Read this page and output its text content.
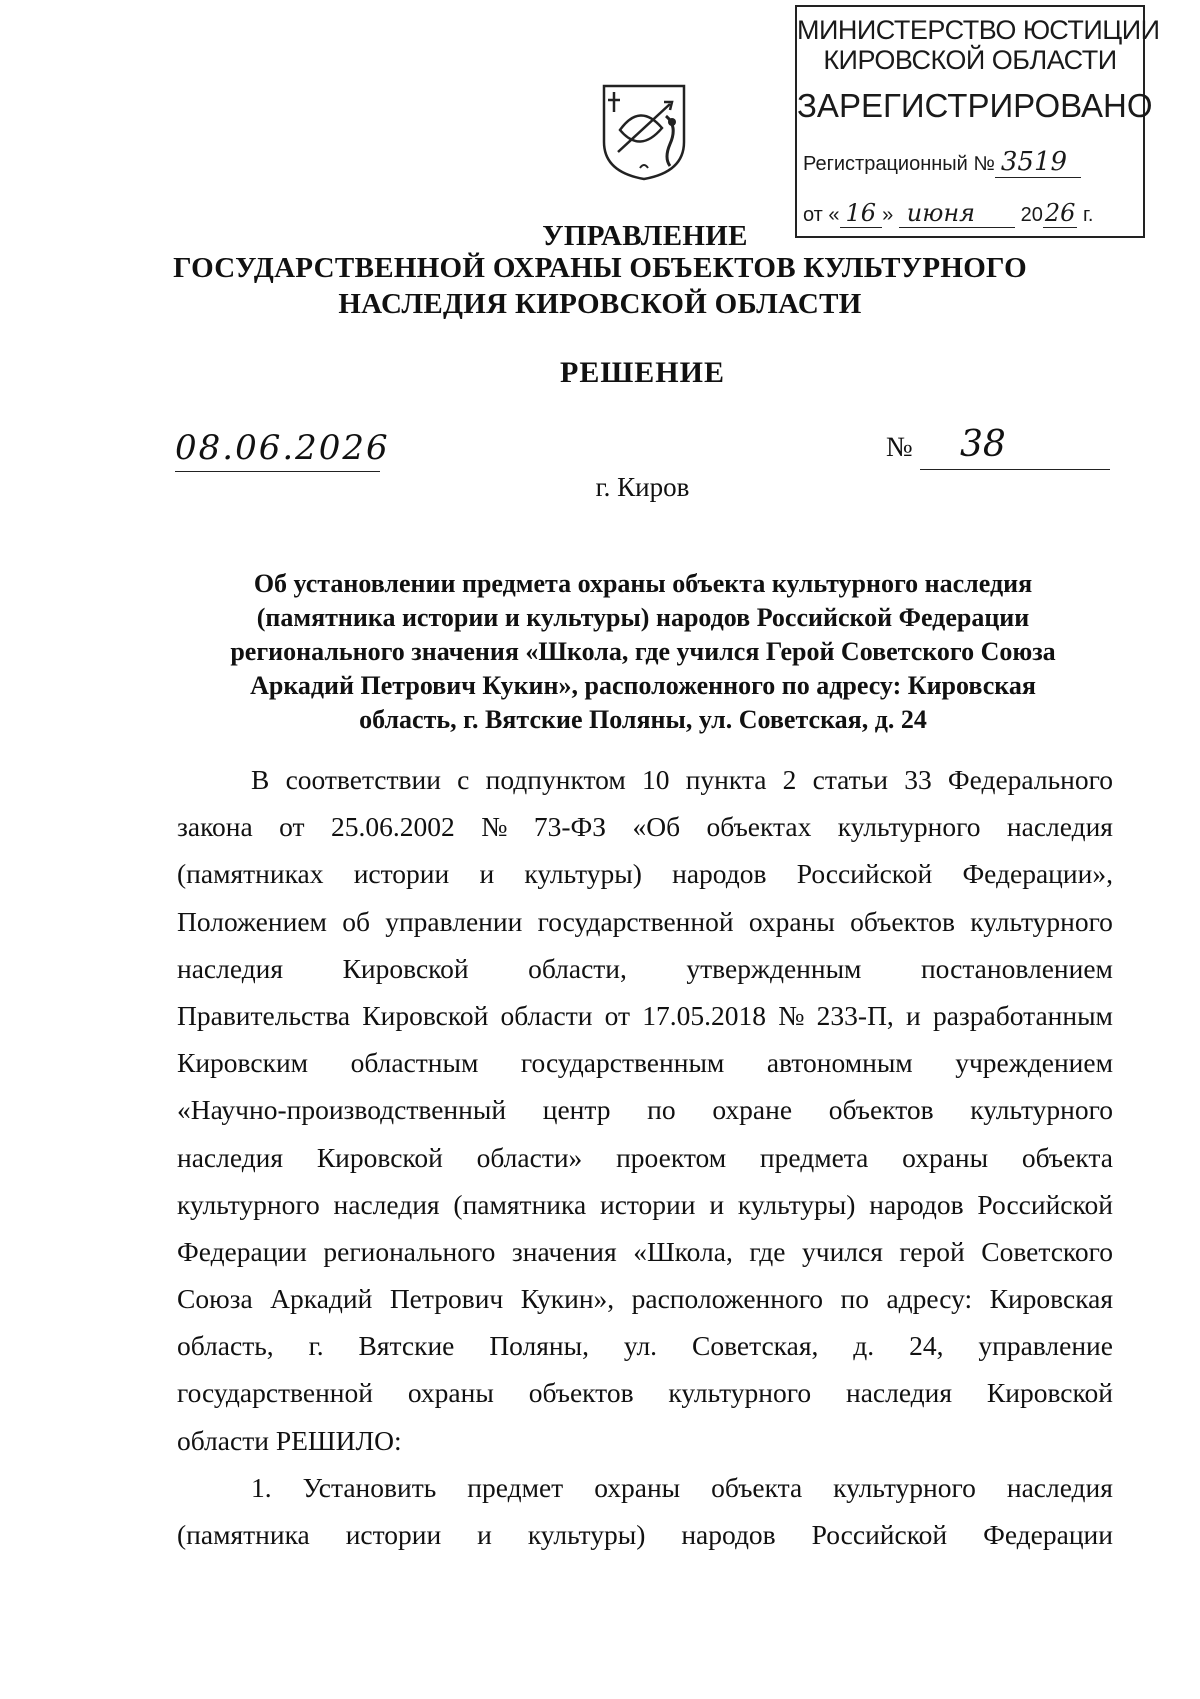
МИНИСТЕРСТВО ЮСТИЦИИ
КИРОВСКОЙ ОБЛАСТИ
ЗАРЕГИСТРИРОВАНО
Регистрационный № 3519
от « 16 » июня 2026 г.
УПРАВЛЕНИЕ
ГОСУДАРСТВЕННОЙ ОХРАНЫ ОБЪЕКТОВ КУЛЬТУРНОГО
НАСЛЕДИЯ КИРОВСКОЙ ОБЛАСТИ
РЕШЕНИЕ
08.06.2026	№ 38
г. Киров
Об установлении предмета охраны объекта культурного наследия
(памятника истории и культуры) народов Российской Федерации
регионального значения «Школа, где учился Герой Советского Союза
Аркадий Петрович Кукин», расположенного по адресу: Кировская
область, г. Вятские Поляны, ул. Советская, д. 24
В соответствии с подпунктом 10 пункта 2 статьи 33 Федерального
закона от 25.06.2002 № 73-ФЗ «Об объектах культурного наследия
(памятниках истории и культуры) народов Российской Федерации»,
Положением об управлении государственной охраны объектов культурного
наследия Кировской области, утвержденным постановлением
Правительства Кировской области от 17.05.2018 № 233-П, и разработанным
Кировским областным государственным автономным учреждением
«Научно-производственный центр по охране объектов культурного
наследия Кировской области» проектом предмета охраны объекта
культурного наследия (памятника истории и культуры) народов Российской
Федерации регионального значения «Школа, где учился герой Советского
Союза Аркадий Петрович Кукин», расположенного по адресу: Кировская
область, г. Вятские Поляны, ул. Советская, д. 24, управление
государственной охраны объектов культурного наследия Кировской
области РЕШИЛО:
1. Установить предмет охраны объекта культурного наследия
(памятника истории и культуры) народов Российской Федерации
